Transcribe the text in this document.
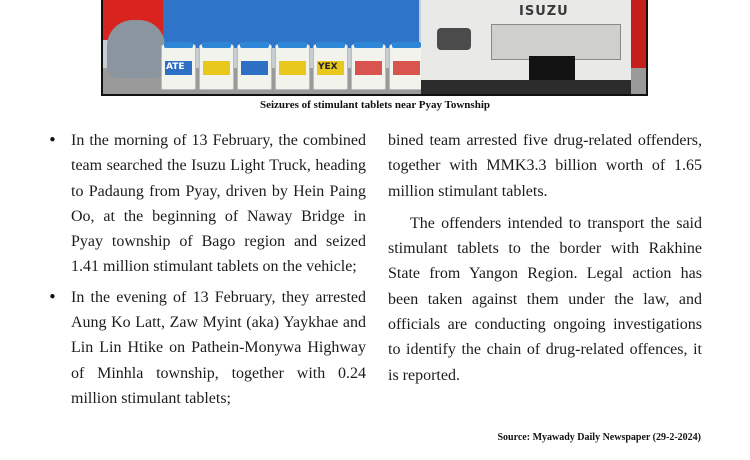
ATE	YEX
ISUZU
Seizures of stimulant tablets near Pyay Township

• In the morning of 13 February, the combined team searched the Isuzu Light Truck, heading to Padaung from Pyay, driven by Hein Paing Oo, at the beginning of Naway Bridge in Pyay township of Bago region and seized 1.41 million stimulant tablets on the vehicle;

• In the evening of 13 February, they arrested Aung Ko Latt, Zaw Myint (aka) Yaykhae and Lin Lin Htike on Pathein-Monywa Highway of Minhla township, together with 0.24 million stimulant tablets;

bined team arrested five drug-related offenders, together with MMK3.3 billion worth of 1.65 million stimulant tablets.

The offenders intended to transport the said stimulant tablets to the border with Rakhine State from Yangon Region. Legal action has been taken against them under the law, and officials are conducting ongoing investigations to identify the chain of drug-related offences, it is reported.

Source: Myawady Daily Newspaper (29-2-2024)
